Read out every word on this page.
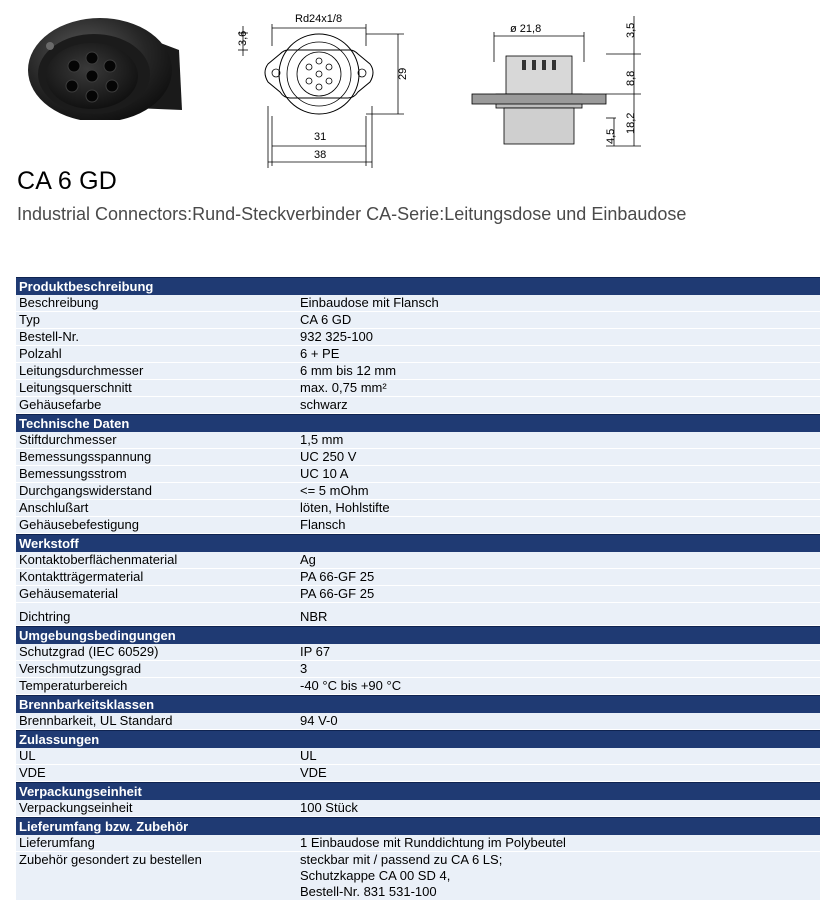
Rd24x1/8
3,6
29
31
38
ø 21,8	3,5
8,8
18,2
4,5
CA 6 GD

Industrial Connectors:Rund-Steckverbinder CA-Serie:Leitungsdose und Einbaudose

Produktbeschreibung
Beschreibung	Einbaudose mit Flansch
Typ	CA 6 GD
Bestell-Nr.	932 325-100
Polzahl	6 + PE
Leitungsdurchmesser	6 mm bis 12 mm
Leitungsquerschnitt	max. 0,75 mm²
Gehäusefarbe	schwarz
Technische Daten
Stiftdurchmesser	1,5 mm
Bemessungsspannung	UC 250 V
Bemessungsstrom	UC 10 A
Durchgangswiderstand	<= 5 mOhm
Anschlußart	löten, Hohlstifte
Gehäusebefestigung	Flansch
Werkstoff
Kontaktoberflächenmaterial	Ag
Kontaktträgermaterial	PA 66-GF 25
Gehäusematerial	PA 66-GF 25
Dichtring	NBR
Umgebungsbedingungen
Schutzgrad (IEC 60529)	IP 67
Verschmutzungsgrad	3
Temperaturbereich	-40 °C bis +90 °C
Brennbarkeitsklassen
Brennbarkeit, UL Standard	94 V-0
Zulassungen
UL	UL
VDE	VDE
Verpackungseinheit
Verpackungseinheit	100 Stück
Lieferumfang bzw. Zubehör
Lieferumfang	1 Einbaudose mit Runddichtung im Polybeutel
Zubehör gesondert zu bestellen	steckbar mit / passend zu CA 6 LS;
Schutzkappe CA 00 SD 4,
Bestell-Nr. 831 531-100
